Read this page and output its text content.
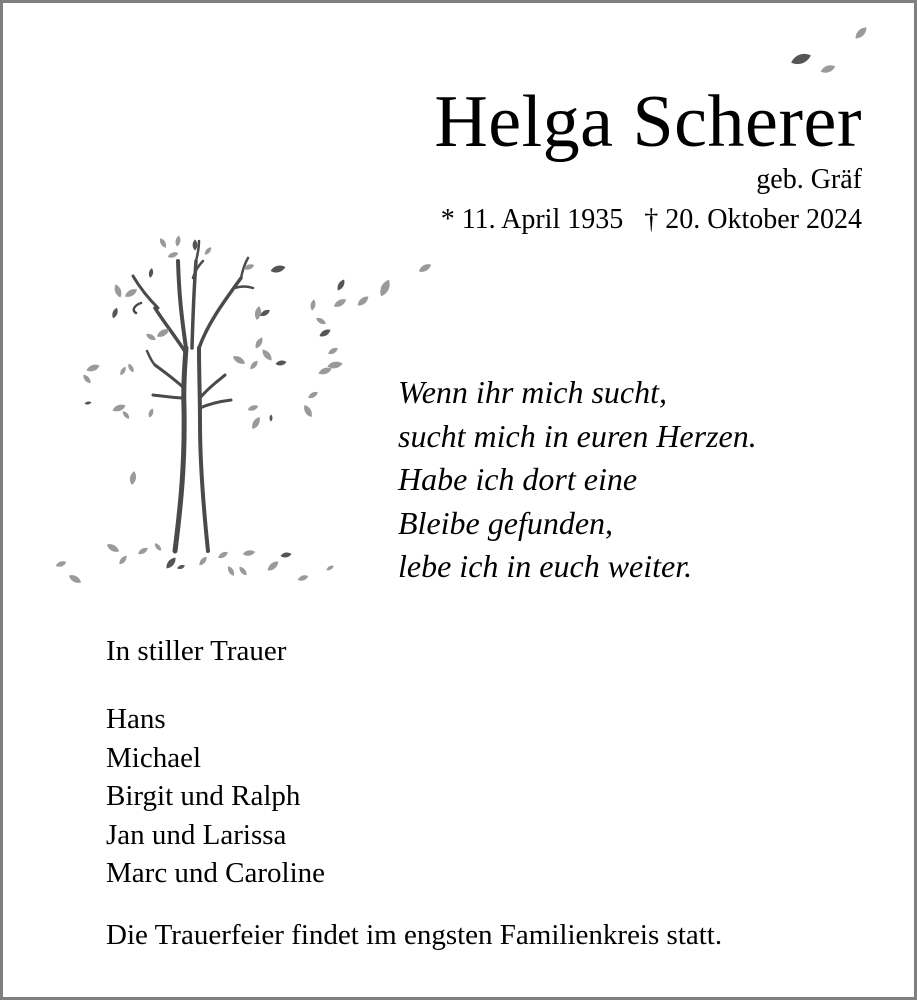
Helga Scherer
geb. Gräf
* 11. April 1935   † 20. Oktober 2024
Wenn ihr mich sucht,
sucht mich in euren Herzen.
Habe ich dort eine
Bleibe gefunden,
lebe ich in euch weiter.
In stiller Trauer
Hans
Michael
Birgit und Ralph
Jan und Larissa
Marc und Caroline
Die Trauerfeier findet im engsten Familienkreis statt.
